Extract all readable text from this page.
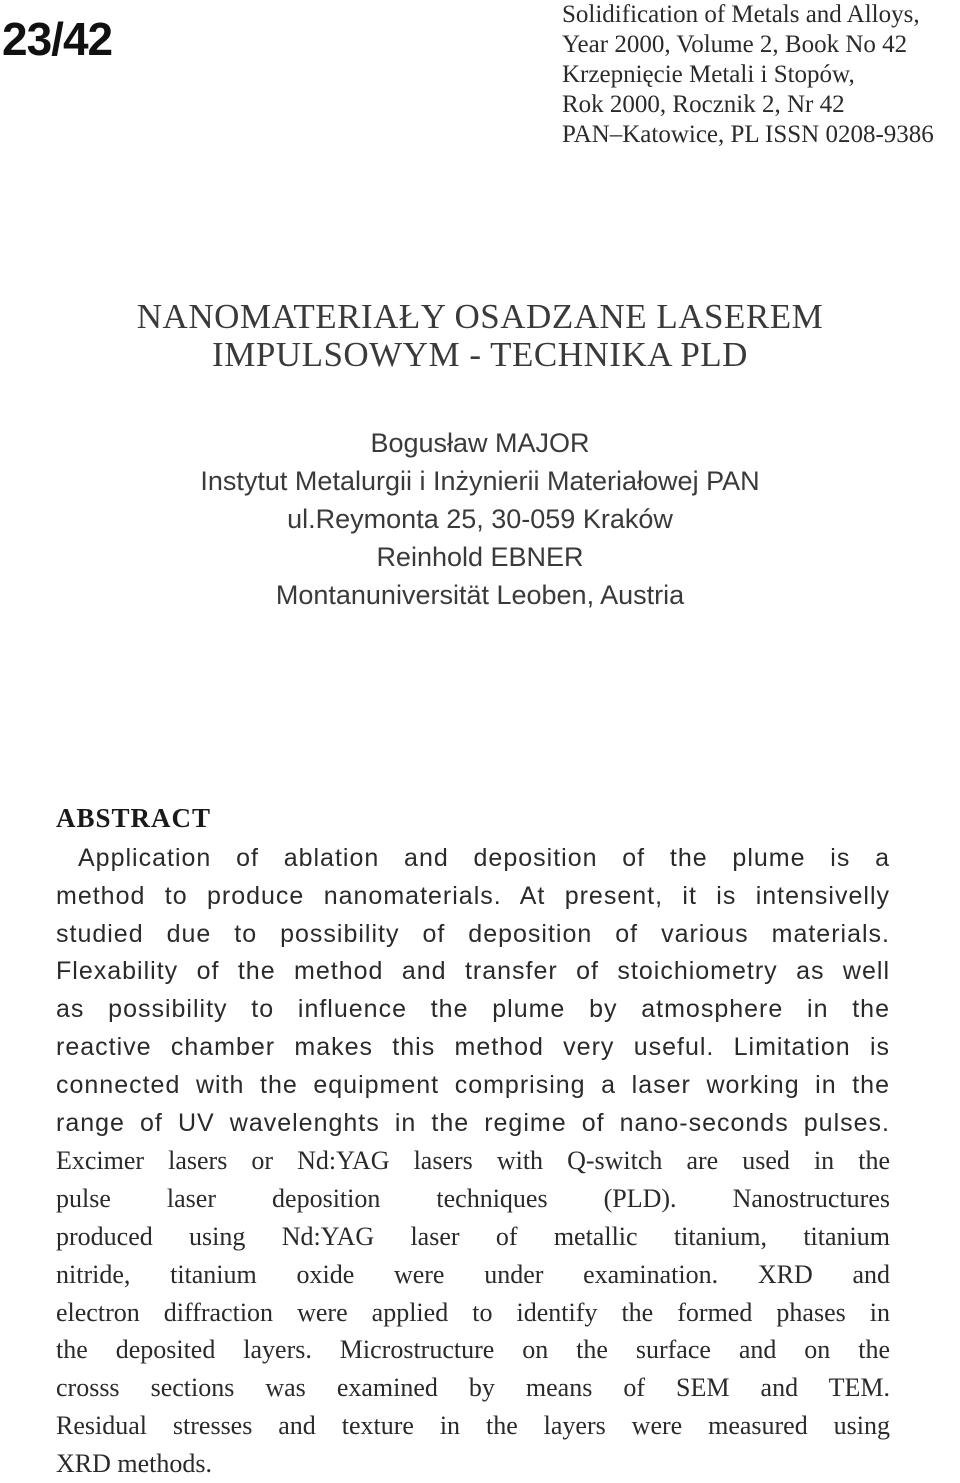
23/42	Solidification of Metals and Alloys,
Year 2000, Volume 2, Book No 42
Krzepnięcie Metali i Stopów,
Rok 2000, Rocznik 2, Nr 42
PAN–Katowice, PL ISSN 0208-9386
NANOMATERIAŁY OSADZANE LASEREM
IMPULSOWYM - TECHNIKA PLD
Bogusław MAJOR
Instytut Metalurgii i Inżynierii Materiałowej PAN
ul.Reymonta 25, 30-059 Kraków
Reinhold EBNER
Montanuniversität Leoben, Austria
ABSTRACT
Application of ablation and deposition of the plume is a
method to produce nanomaterials. At present, it is intensivelly
studied due to possibility of deposition of various materials.
Flexability of the method and transfer of stoichiometry as well
as possibility to influence the plume by atmosphere in the
reactive chamber makes this method very useful. Limitation is
connected with the equipment comprising a laser working in the
range of UV wavelenghts in the regime of nano-seconds pulses.
Excimer lasers or Nd:YAG lasers with Q-switch are used in the
pulse laser deposition techniques (PLD). Nanostructures
produced using Nd:YAG laser of metallic titanium, titanium
nitride, titanium oxide were under examination. XRD and
electron diffraction were applied to identify the formed phases in
the deposited layers. Microstructure on the surface and on the
crosss sections was examined by means of SEM and TEM.
Residual stresses and texture in the layers were measured using
XRD methods.
